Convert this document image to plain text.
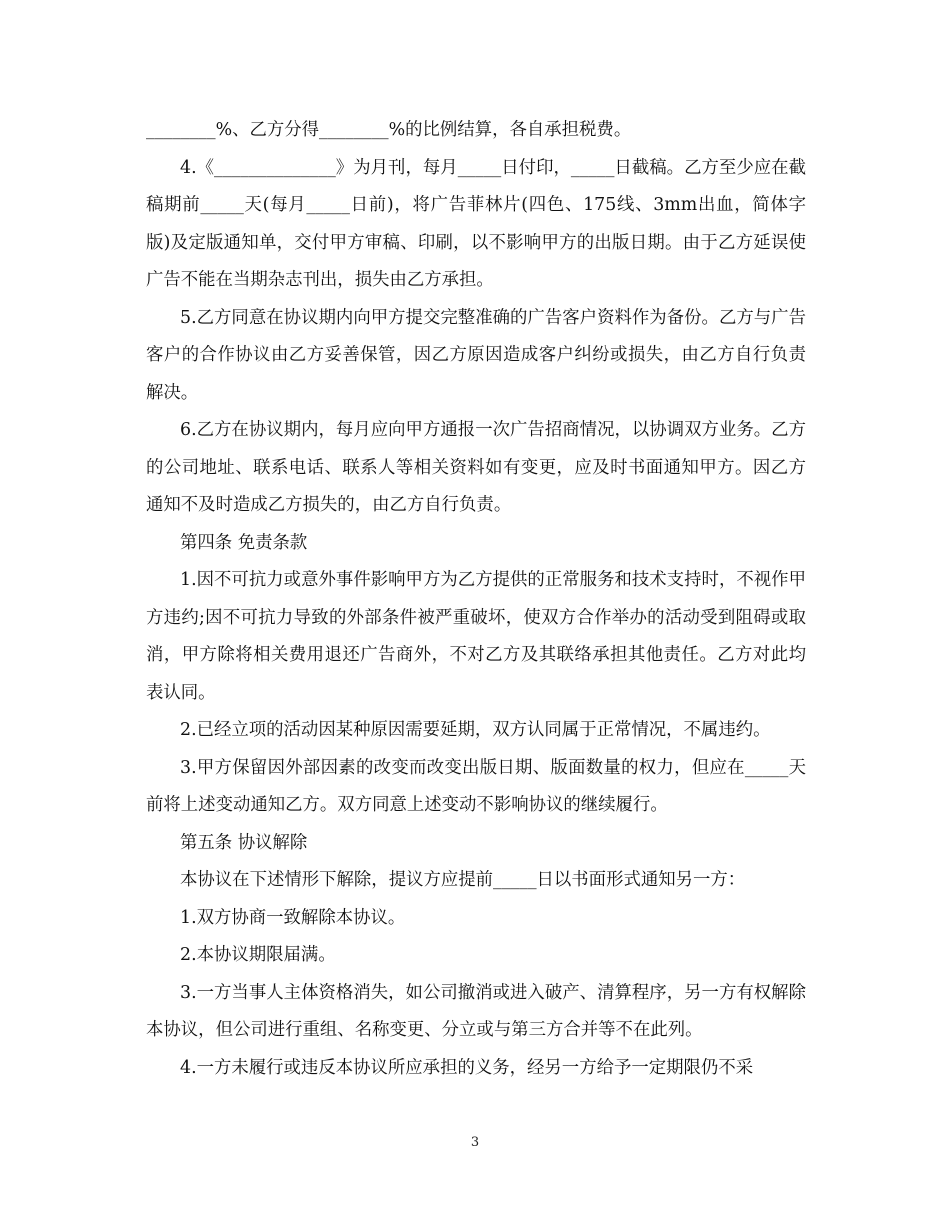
________%、乙方分得________%的比例结算，各自承担税费。

4.《______________》为月刊，每月_____日付印，_____日截稿。乙方至少应在截稿期前_____天(每月_____日前)，将广告菲林片(四色、175线、3mm出血，简体字版)及定版通知单，交付甲方审稿、印刷，以不影响甲方的出版日期。由于乙方延误使广告不能在当期杂志刊出，损失由乙方承担。

5.乙方同意在协议期内向甲方提交完整准确的广告客户资料作为备份。乙方与广告客户的合作协议由乙方妥善保管，因乙方原因造成客户纠纷或损失，由乙方自行负责解决。

6.乙方在协议期内，每月应向甲方通报一次广告招商情况，以协调双方业务。乙方的公司地址、联系电话、联系人等相关资料如有变更，应及时书面通知甲方。因乙方通知不及时造成乙方损失的，由乙方自行负责。

第四条 免责条款

1.因不可抗力或意外事件影响甲方为乙方提供的正常服务和技术支持时，不视作甲方违约;因不可抗力导致的外部条件被严重破坏，使双方合作举办的活动受到阻碍或取消，甲方除将相关费用退还广告商外，不对乙方及其联络承担其他责任。乙方对此均表认同。

2.已经立项的活动因某种原因需要延期，双方认同属于正常情况，不属违约。

3.甲方保留因外部因素的改变而改变出版日期、版面数量的权力，但应在_____天前将上述变动通知乙方。双方同意上述变动不影响协议的继续履行。

第五条 协议解除

本协议在下述情形下解除，提议方应提前_____日以书面形式通知另一方：

1.双方协商一致解除本协议。

2.本协议期限届满。

3.一方当事人主体资格消失，如公司撤消或进入破产、清算程序，另一方有权解除本协议，但公司进行重组、名称变更、分立或与第三方合并等不在此列。

4.一方未履行或违反本协议所应承担的义务，经另一方给予一定期限仍不采

3
